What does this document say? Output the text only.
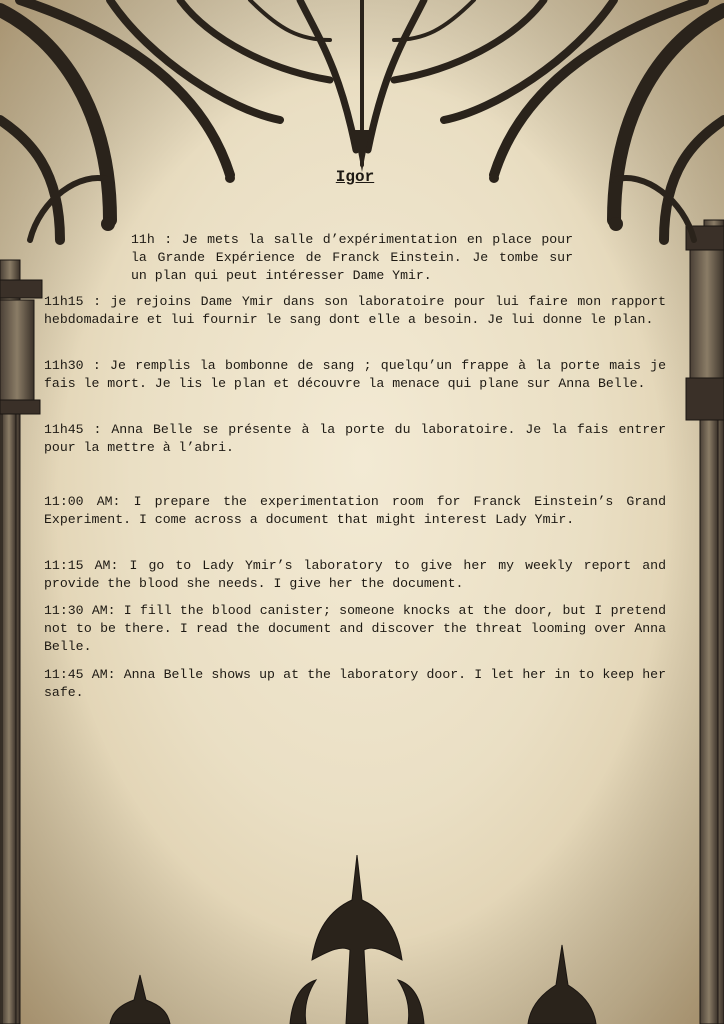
Igor

11h : Je mets la salle d’expérimentation en place pour la Grande Expérience de Franck Einstein. Je tombe sur un plan qui peut intéresser Dame Ymir.

11h15 : je rejoins Dame Ymir dans son laboratoire pour lui faire mon rapport hebdomadaire et lui fournir le sang dont elle a besoin. Je lui donne le plan.

11h30 : Je remplis la bombonne de sang ; quelqu’un frappe à la porte mais je fais le mort. Je lis le plan et découvre la menace qui plane sur Anna Belle.

11h45 : Anna Belle se présente à la porte du laboratoire. Je la fais entrer pour la mettre à l’abri.

11:00 AM: I prepare the experimentation room for Franck Einstein’s Grand Experiment. I come across a document that might interest Lady Ymir.

11:15 AM: I go to Lady Ymir’s laboratory to give her my weekly report and provide the blood she needs. I give her the document.

11:30 AM: I fill the blood canister; someone knocks at the door, but I pretend not to be there. I read the document and discover the threat looming over Anna Belle.

11:45 AM: Anna Belle shows up at the laboratory door. I let her in to keep her safe.
